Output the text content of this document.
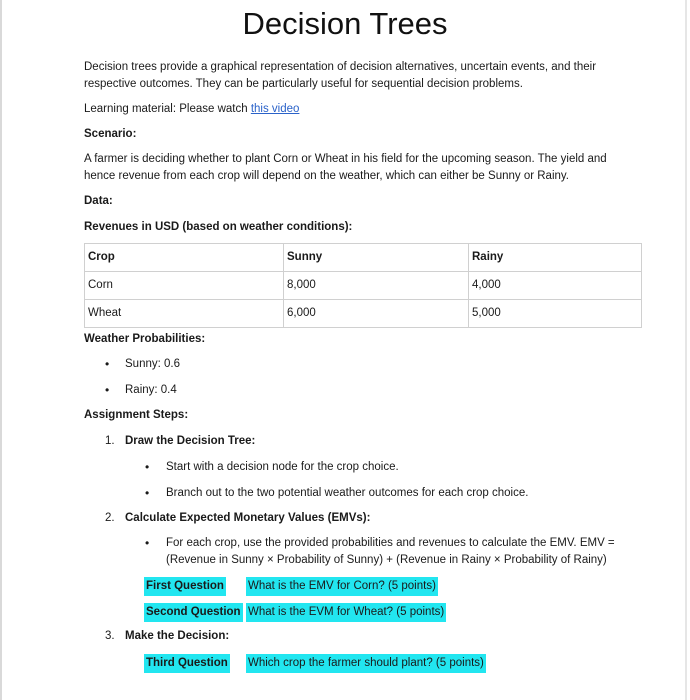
Decision Trees
Decision trees provide a graphical representation of decision alternatives, uncertain events, and their respective outcomes. They can be particularly useful for sequential decision problems.
Learning material: Please watch this video
Scenario:
A farmer is deciding whether to plant Corn or Wheat in his field for the upcoming season. The yield and hence revenue from each crop will depend on the weather, which can either be Sunny or Rainy.
Data:
Revenues in USD (based on weather conditions):
Crop	Sunny	Rainy
Corn	8,000	4,000
Wheat	6,000	5,000
Weather Probabilities:
• Sunny: 0.6
• Rainy: 0.4
Assignment Steps:
1. Draw the Decision Tree:
• Start with a decision node for the crop choice.
• Branch out to the two potential weather outcomes for each crop choice.
2. Calculate Expected Monetary Values (EMVs):
• For each crop, use the provided probabilities and revenues to calculate the EMV. EMV = (Revenue in Sunny × Probability of Sunny) + (Revenue in Rainy × Probability of Rainy)
First Question What is the EMV for Corn? (5 points)
Second Question What is the EVM for Wheat? (5 points)
3. Make the Decision:
Third Question Which crop the farmer should plant? (5 points)
